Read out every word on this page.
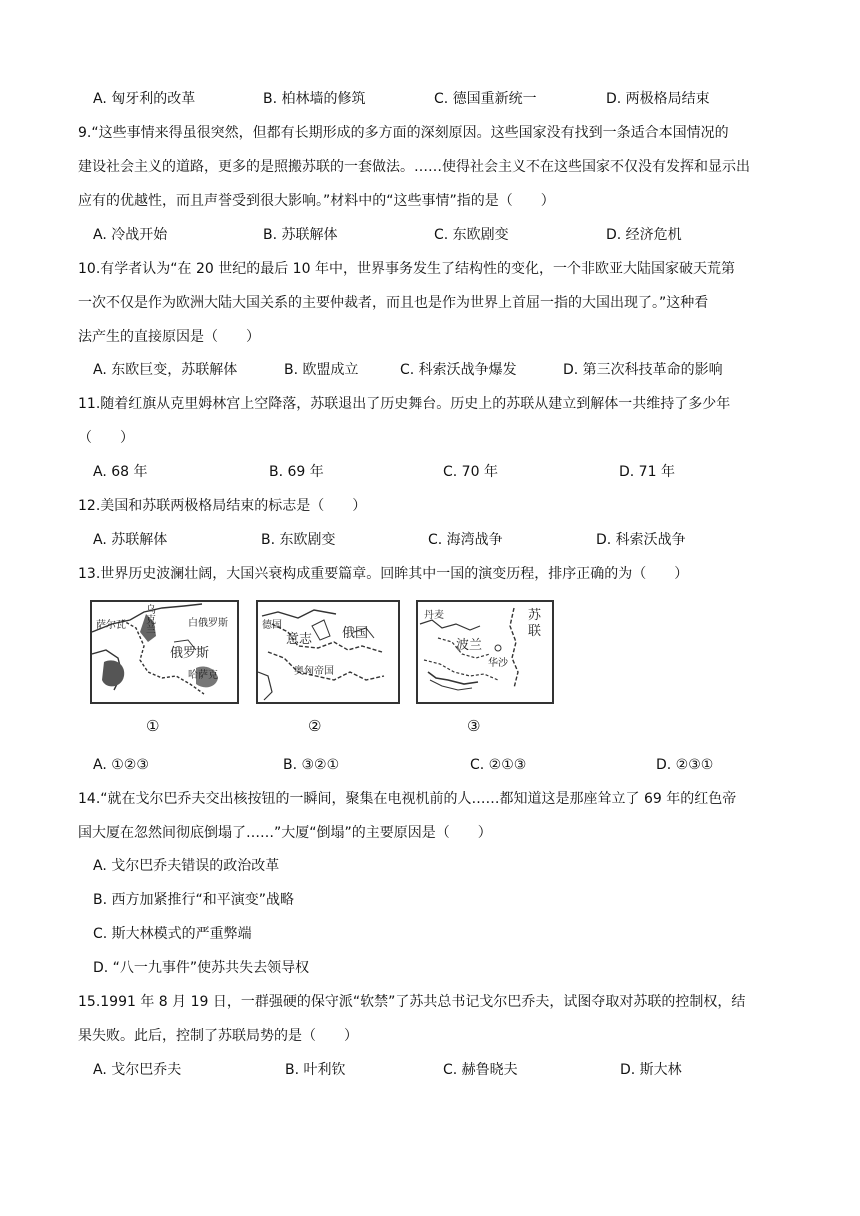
A. 匈牙利的改革	B. 柏林墙的修筑	C. 德国重新统一	D. 两极格局结束
9.“这些事情来得虽很突然，但都有长期形成的多方面的深刻原因。这些国家没有找到一条适合本国情况的
建设社会主义的道路，更多的是照搬苏联的一套做法。……使得社会主义不在这些国家不仅没有发挥和显示出
应有的优越性，而且声誉受到很大影响。”材料中的“这些事情”指的是（　　）
A. 冷战开始	B. 苏联解体	C. 东欧剧变	D. 经济危机
10.有学者认为“在 20 世纪的最后 10 年中，世界事务发生了结构性的变化，一个非欧亚大陆国家破天荒第
一次不仅是作为欧洲大陆大国关系的主要仲裁者，而且也是作为世界上首屈一指的大国出现了。”这种看
法产生的直接原因是（　　）
A. 东欧巨变，苏联解体	B. 欧盟成立	C. 科索沃战争爆发	D. 第三次科技革命的影响
11.随着红旗从克里姆林宫上空降落，苏联退出了历史舞台。历史上的苏联从建立到解体一共维持了多少年
（　　）
A. 68 年	B. 69 年	C. 70 年	D. 71 年
12.美国和苏联两极格局结束的标志是（　　）
A. 苏联解体	B. 东欧剧变	C. 海湾战争	D. 科索沃战争
13.世界历史波澜壮阔，大国兴衰构成重要篇章。回眸其中一国的演变历程，排序正确的为（　　）
萨尔瓦
乌克兰
俄罗斯
白俄罗斯
哈萨克
德国
意志 俄国
奥匈帝国
丹麦
波兰
苏联
华沙
①	②	③
A. ①②③	B. ③②①	C. ②①③	D. ②③①
14.“就在戈尔巴乔夫交出核按钮的一瞬间，聚集在电视机前的人……都知道这是那座耸立了 69 年的红色帝
国大厦在忽然间彻底倒塌了……”大厦“倒塌”的主要原因是（　　）
A. 戈尔巴乔夫错误的政治改革
B. 西方加紧推行“和平演变”战略
C. 斯大林模式的严重弊端
D. “八一九事件”使苏共失去领导权
15.1991 年 8 月 19 日，一群强硬的保守派“软禁”了苏共总书记戈尔巴乔夫，试图夺取对苏联的控制权，结
果失败。此后，控制了苏联局势的是（　　）
A. 戈尔巴乔夫	B. 叶利钦	C. 赫鲁晓夫	D. 斯大林
